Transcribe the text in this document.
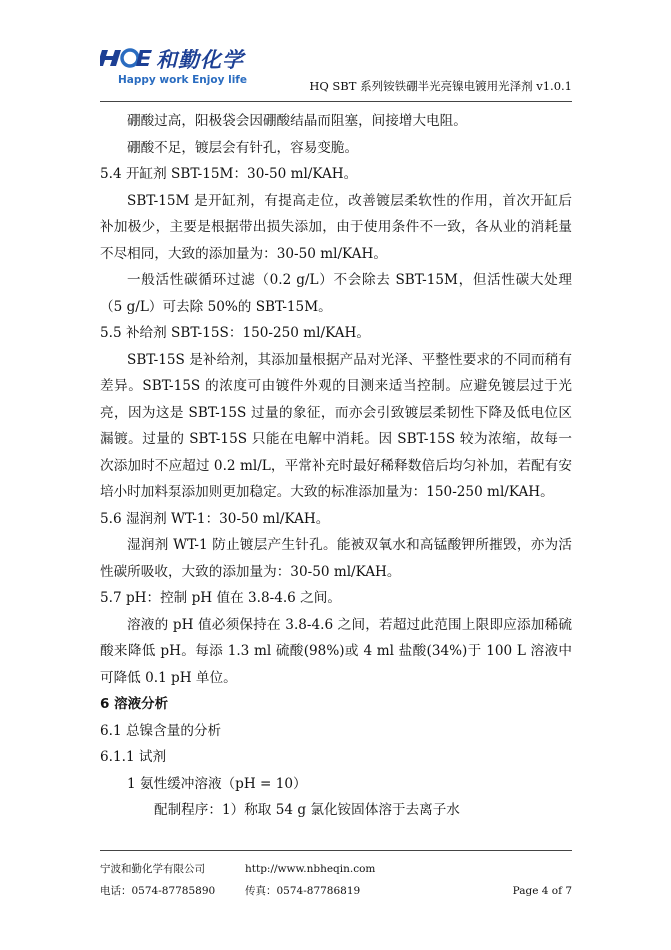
和勤化学
Happy work Enjoy life	HQ SBT 系列铵铁硼半光亮镍电镀用光泽剂 v1.0.1

硼酸过高，阳极袋会因硼酸结晶而阻塞，间接增大电阻。

硼酸不足，镀层会有针孔，容易变脆。

5.4 开缸剂 SBT-15M：30-50 ml/KAH。

SBT-15M 是开缸剂，有提高走位，改善镀层柔软性的作用，首次开缸后补加极少，主要是根据带出损失添加，由于使用条件不一致，各从业的消耗量不尽相同，大致的添加量为：30-50 ml/KAH。

一般活性碳循环过滤（0.2 g/L）不会除去 SBT-15M，但活性碳大处理（5 g/L）可去除 50%的 SBT-15M。

5.5 补给剂 SBT-15S：150-250 ml/KAH。

SBT-15S 是补给剂，其添加量根据产品对光泽、平整性要求的不同而稍有差异。SBT-15S 的浓度可由镀件外观的目测来适当控制。应避免镀层过于光亮，因为这是 SBT-15S 过量的象征，而亦会引致镀层柔韧性下降及低电位区漏镀。过量的 SBT-15S 只能在电解中消耗。因 SBT-15S 较为浓缩，故每一次添加时不应超过 0.2 ml/L，平常补充时最好稀释数倍后均匀补加，若配有安培小时加料泵添加则更加稳定。大致的标准添加量为：150-250 ml/KAH。

5.6 湿润剂 WT-1：30-50 ml/KAH。

湿润剂 WT-1 防止镀层产生针孔。能被双氧水和高锰酸钾所摧毁，亦为活性碳所吸收，大致的添加量为：30-50 ml/KAH。

5.7 pH：控制 pH 值在 3.8-4.6 之间。

溶液的 pH 值必须保持在 3.8-4.6 之间，若超过此范围上限即应添加稀硫酸来降低 pH。每添 1.3 ml 硫酸(98%)或 4 ml 盐酸(34%)于 100 L 溶液中可降低 0.1 pH 单位。

6 溶液分析

6.1 总镍含量的分析

6.1.1 试剂

1 氨性缓冲溶液（pH = 10）

配制程序：1）称取 54 g 氯化铵固体溶于去离子水

宁波和勤化学有限公司	http://www.nbheqin.com
电话：0574-87785890	传真：0574-87786819	Page 4 of 7
